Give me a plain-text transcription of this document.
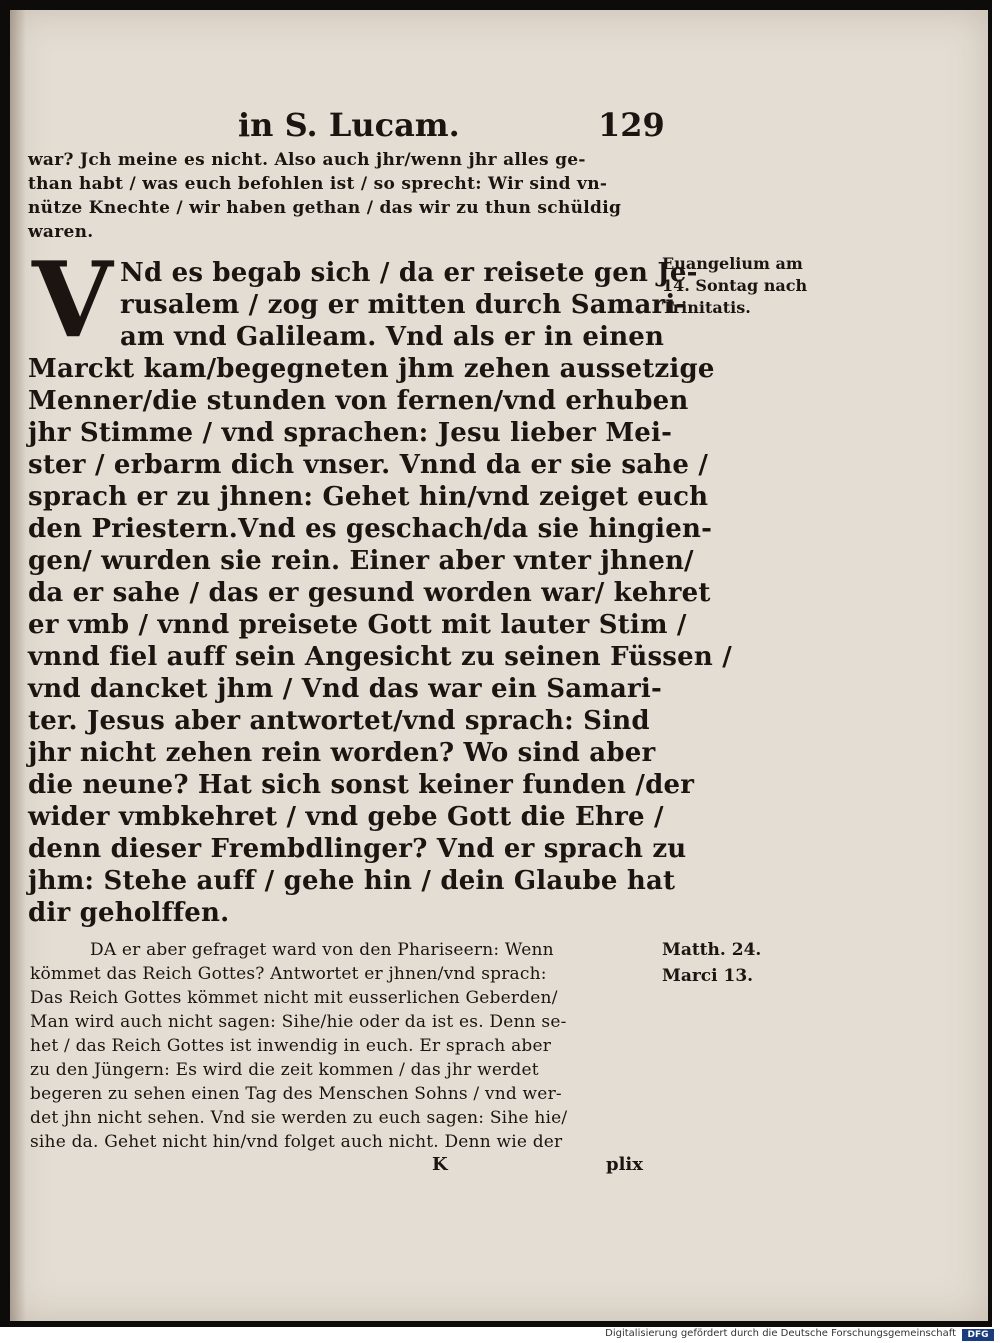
in S. Lucam.	129
war? Jch meine es nicht. Also auch jhr/wenn jhr alles ge-
than habt / was euch befohlen ist / so sprecht: Wir sind vn-
nütze Knechte / wir haben gethan / das wir zu thun schüldig
waren.
V Nd es begab sich / da er reisete gen Je-
rusalem / zog er mitten durch Samari-
am vnd Galileam. Vnd als er in einen
Marckt kam/begegneten jhm zehen aussetzige
Menner/die stunden von fernen/vnd erhuben
jhr Stimme / vnd sprachen: Jesu lieber Mei-
ster / erbarm dich vnser. Vnnd da er sie sahe /
sprach er zu jhnen: Gehet hin/vnd zeiget euch
den Priestern.Vnd es geschach/da sie hingien-
gen/ wurden sie rein. Einer aber vnter jhnen/
da er sahe / das er gesund worden war/ kehret
er vmb / vnnd preisete Gott mit lauter Stim /
vnnd fiel auff sein Angesicht zu seinen Füssen /
vnd dancket jhm / Vnd das war ein Samari-
ter. Jesus aber antwortet/vnd sprach: Sind
jhr nicht zehen rein worden? Wo sind aber
die neune? Hat sich sonst keiner funden /der
wider vmbkehret / vnd gebe Gott die Ehre /
denn dieser Frembdlinger? Vnd er sprach zu
jhm: Stehe auff / gehe hin / dein Glaube hat
dir geholffen.
DA er aber gefraget ward von den Phariseern: Wenn
kömmet das Reich Gottes? Antwortet er jhnen/vnd sprach:
Das Reich Gottes kömmet nicht mit eusserlichen Geberden/
Man wird auch nicht sagen: Sihe/hie oder da ist es. Denn se-
het / das Reich Gottes ist inwendig in euch. Er sprach aber
zu den Jüngern: Es wird die zeit kommen / das jhr werdet
begeren zu sehen einen Tag des Menschen Sohns / vnd wer-
det jhn nicht sehen. Vnd sie werden zu euch sagen: Sihe hie/
sihe da. Gehet nicht hin/vnd folget auch nicht. Denn wie der
K	plix
Euangelium am
14. Sontag nach
Trinitatis.
Matth. 24.
Marci 13.
Digitalisierung gefördert durch die Deutsche Forschungsgemeinschaft	DFG
